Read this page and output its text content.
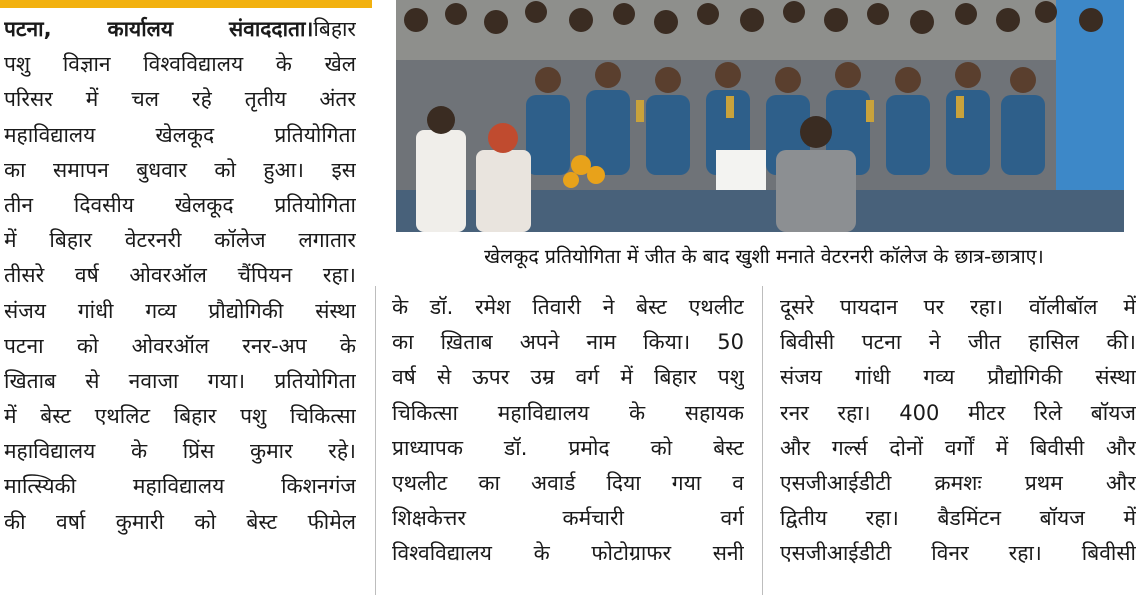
पटना, कार्यालय संवाददाता।बिहार
पशु विज्ञान विश्वविद्यालय के खेल
परिसर में चल रहे तृतीय अंतर
महाविद्यालय खेलकूद प्रतियोगिता
का समापन बुधवार को हुआ। इस
तीन दिवसीय खेलकूद प्रतियोगिता
में बिहार वेटरनरी कॉलेज लगातार
तीसरे वर्ष ओवरऑल चैंपियन रहा।
संजय गांधी गव्य प्रौद्योगिकी संस्था
पटना को ओवरऑल रनर-अप के
खिताब से नवाजा गया। प्रतियोगिता
में बेस्ट एथलिट बिहार पशु चिकित्सा
महाविद्यालय के प्रिंस कुमार रहे।
मात्स्यिकी महाविद्यालय किशनगंज
की वर्षा कुमारी को बेस्ट फीमेल
खेलकूद प्रतियोगिता में जीत के बाद खुशी मनाते वेटरनरी कॉलेज के छात्र-छात्राए।
के डॉ. रमेश तिवारी ने बेस्ट एथलीट
का ख़िताब अपने नाम किया। 50
वर्ष से ऊपर उम्र वर्ग में बिहार पशु
चिकित्सा महाविद्यालय के सहायक
प्राध्यापक डॉ. प्रमोद को बेस्ट
एथलीट का अवार्ड दिया गया व
शिक्षकेत्तर कर्मचारी वर्ग
विश्वविद्यालय के फोटोग्राफर सनी
दूसरे पायदान पर रहा। वॉलीबॉल में
बिवीसी पटना ने जीत हासिल की।
संजय गांधी गव्य प्रौद्योगिकी संस्था
रनर रहा। 400 मीटर रिले बॉयज
और गर्ल्स दोनों वर्गों में बिवीसी और
एसजीआईडीटी क्रमशः प्रथम और
द्वितीय रहा। बैडमिंटन बॉयज में
एसजीआईडीटी विनर रहा। बिवीसी
